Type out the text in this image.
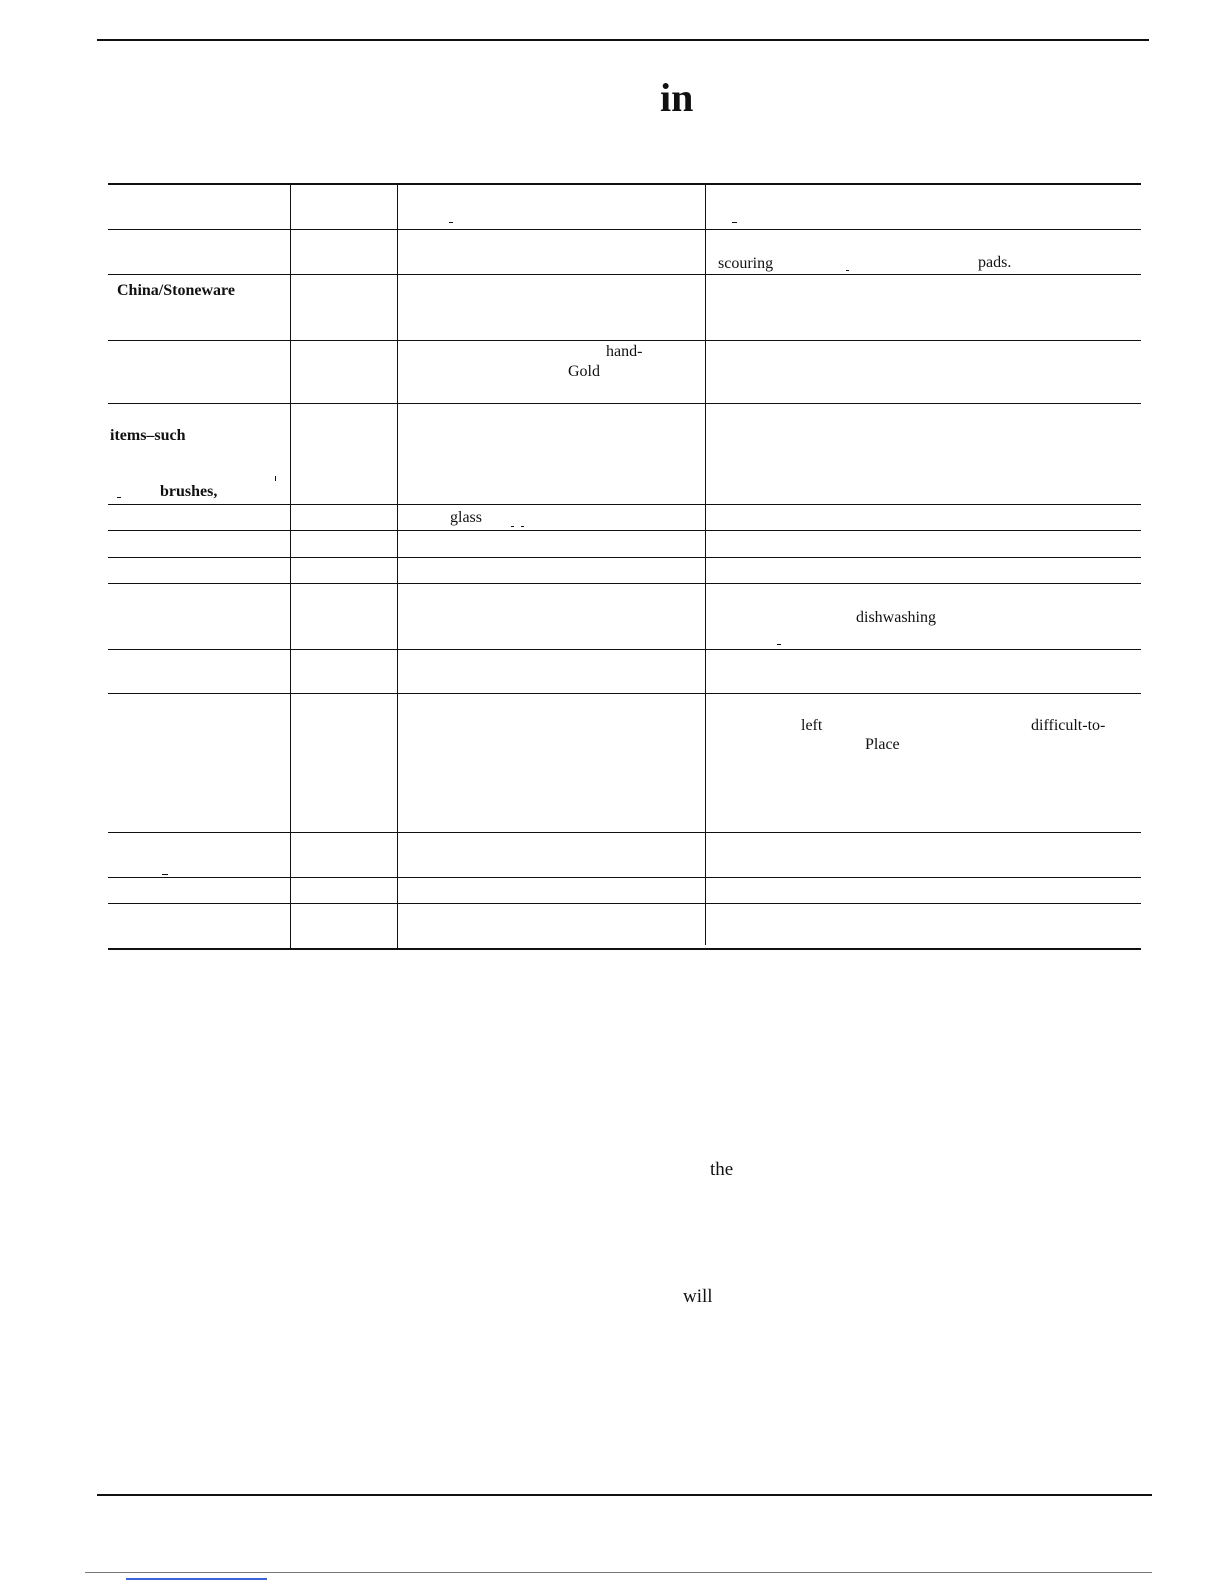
in
scouring	pads.
China/Stoneware
hand-
Gold
items–such
brushes,
glass
dishwashing
left	difficult-to-
Place
the
will
